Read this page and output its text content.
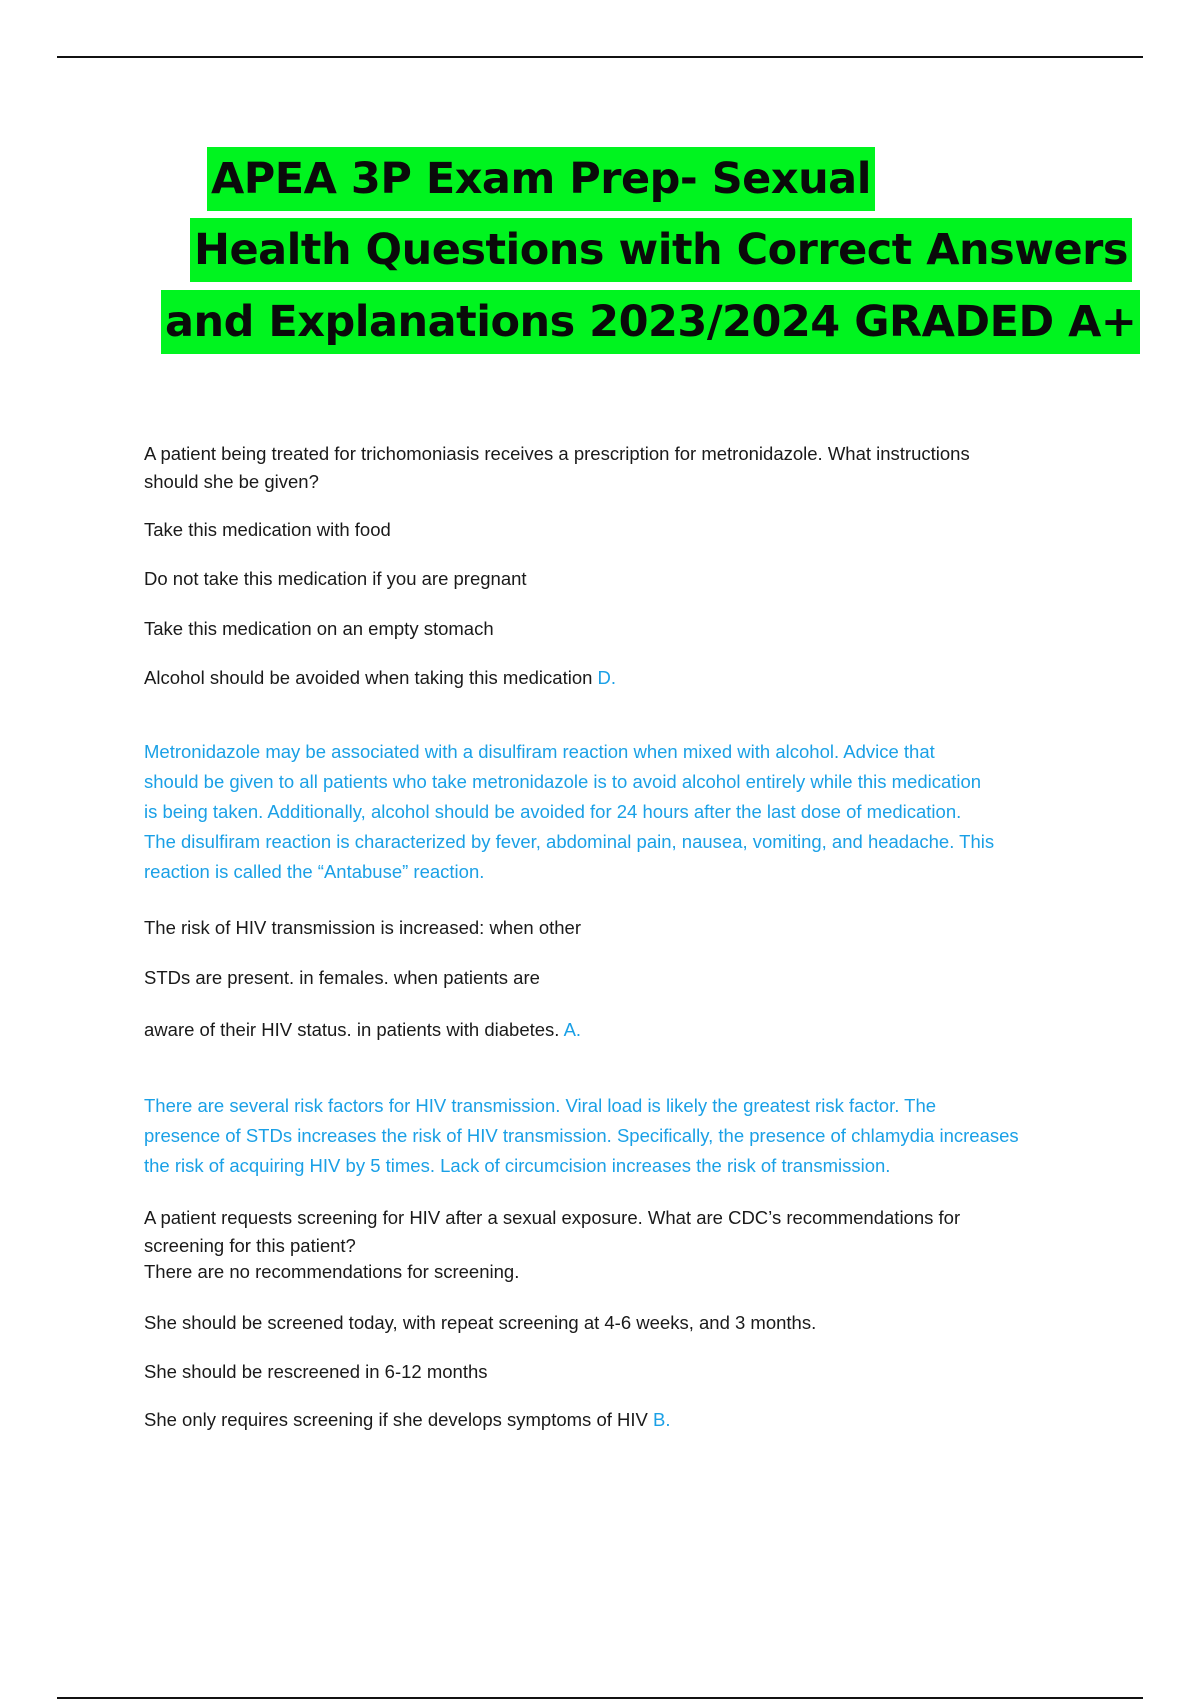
APEA 3P Exam Prep- Sexual
Health Questions with Correct Answers
and Explanations 2023/2024 GRADED A+
A patient being treated for trichomoniasis receives a prescription for metronidazole. What instructions
should she be given?
Take this medication with food
Do not take this medication if you are pregnant
Take this medication on an empty stomach
Alcohol should be avoided when taking this medication D.
Metronidazole may be associated with a disulfiram reaction when mixed with alcohol. Advice that
should be given to all patients who take metronidazole is to avoid alcohol entirely while this medication
is being taken. Additionally, alcohol should be avoided for 24 hours after the last dose of medication.
The disulfiram reaction is characterized by fever, abdominal pain, nausea, vomiting, and headache. This
reaction is called the “Antabuse” reaction.
The risk of HIV transmission is increased: when other
STDs are present. in females. when patients are
aware of their HIV status. in patients with diabetes. A.
There are several risk factors for HIV transmission. Viral load is likely the greatest risk factor. The
presence of STDs increases the risk of HIV transmission. Specifically, the presence of chlamydia increases
the risk of acquiring HIV by 5 times. Lack of circumcision increases the risk of transmission.
A patient requests screening for HIV after a sexual exposure. What are CDC’s recommendations for
screening for this patient?
There are no recommendations for screening.
She should be screened today, with repeat screening at 4-6 weeks, and 3 months.
She should be rescreened in 6-12 months
She only requires screening if she develops symptoms of HIV B.
